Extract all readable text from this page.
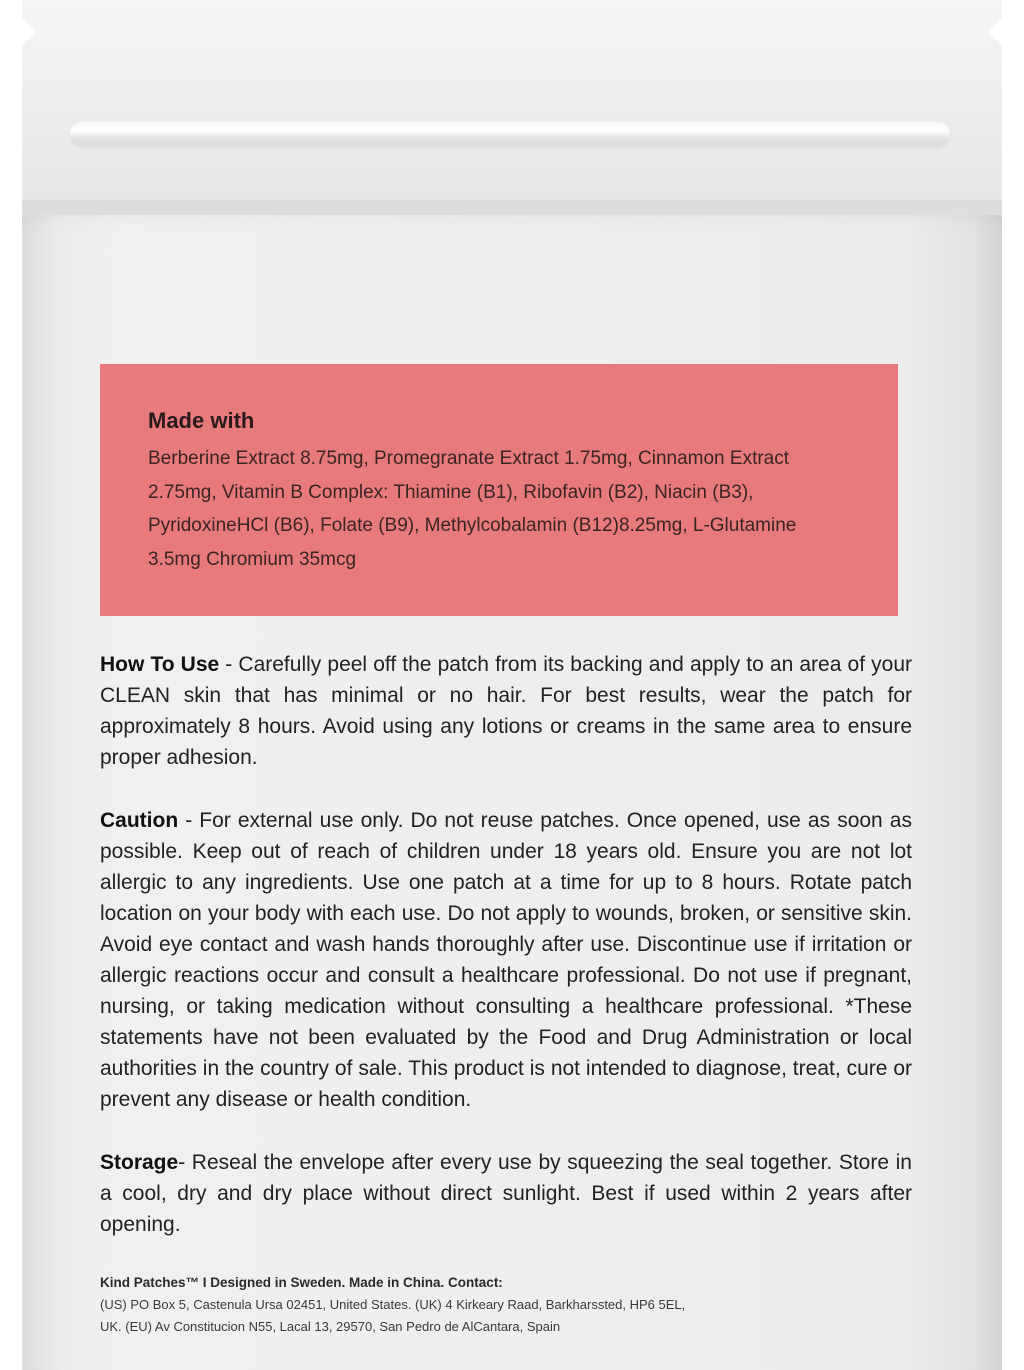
Made with

Berberine Extract 8.75mg, Promegranate Extract 1.75mg, Cinnamon Extract 2.75mg, Vitamin B Complex: Thiamine (B1), Ribofavin (B2), Niacin (B3), PyridoxineHCl (B6), Folate (B9), Methylcobalamin (B12)8.25mg, L-Glutamine 3.5mg Chromium 35mcg

How To Use - Carefully peel off the patch from its backing and apply to an area of your CLEAN skin that has minimal or no hair. For best results, wear the patch for approximately 8 hours. Avoid using any lotions or creams in the same area to ensure proper adhesion.
Caution - For external use only. Do not reuse patches. Once opened, use as soon as possible. Keep out of reach of children under 18 years old. Ensure you are not lot allergic to any ingredients. Use one patch at a time for up to 8 hours. Rotate patch location on your body with each use. Do not apply to wounds, broken, or sensitive skin. Avoid eye contact and wash hands thoroughly after use. Discontinue use if irritation or allergic reactions occur and consult a healthcare professional. Do not use if pregnant, nursing, or taking medication without consulting a healthcare professional. *These statements have not been evaluated by the Food and Drug Administration or local authorities in the country of sale. This product is not intended to diagnose, treat, cure or prevent any disease or health condition.
Storage- Reseal the envelope after every use by squeezing the seal together. Store in a cool, dry and dry place without direct sunlight. Best if used within 2 years after opening.
Kind Patches™ I Designed in Sweden. Made in China. Contact:
(US) PO Box 5, Castenula Ursa 02451, United States. (UK) 4 Kirkeary Raad, Barkharssted, HP6 5EL,
UK. (EU) Av Constitucion N55, Lacal 13, 29570, San Pedro de AlCantara, Spain
